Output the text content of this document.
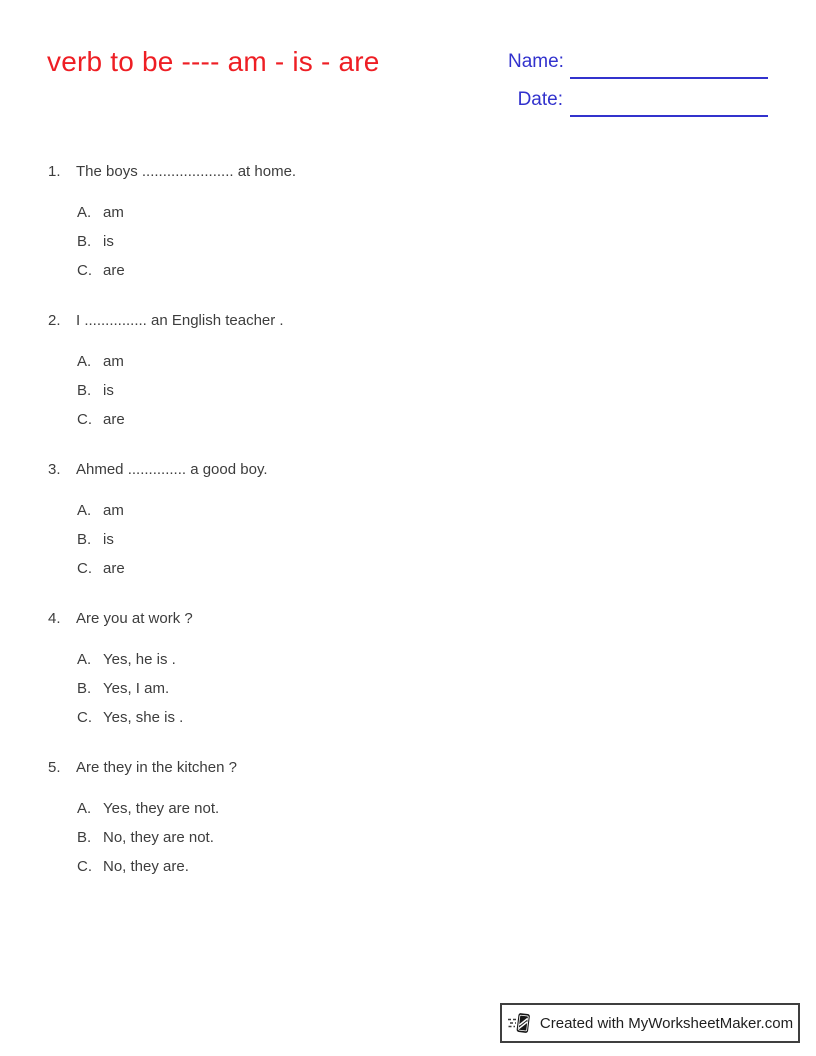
verb to be ---- am - is - are	Name:
Date:
1.	The boys ...................... at home.
A. am
B. is
C. are
2.	I ............... an English teacher .
A. am
B. is
C. are
3.	Ahmed .............. a good boy.
A. am
B. is
C. are
4.	Are you at work ?
A. Yes, he is .
B. Yes, I am.
C. Yes, she is .
5.	Are they in the kitchen ?
A. Yes, they are not.
B. No, they are not.
C. No, they are.
Created with MyWorksheetMaker.com
